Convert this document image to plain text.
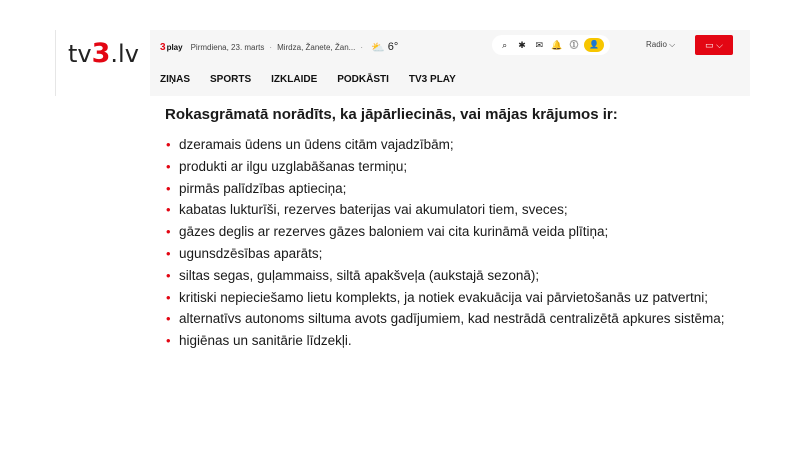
tv 3 .lv 3 play Pirmdiena, 23. marts · Mirdza, Žanete, Žan... · ⛅ 6°	⌕	✱	✉ 🔔 ⓵	👤	Radio ⌵	▭ ⌵
ZIŅAS SPORTS IZKLAIDE PODKĀSTI TV3 PLAY
Rokasgrāmatā norādīts, ka jāpārliecinās, vai mājas krājumos ir:
• dzeramais ūdens un ūdens citām vajadzībām;
• produkti ar ilgu uzglabāšanas termiņu;
• pirmās palīdzības aptieciņa;
• kabatas lukturīši, rezerves baterijas vai akumulatori tiem, sveces;
• gāzes deglis ar rezerves gāzes baloniem vai cita kurināmā veida plītiņa;
• ugunsdzēsības aparāts;
• siltas segas, guļammaiss, siltā apakšveļa (aukstajā sezonā);
• kritiski nepieciešamo lietu komplekts, ja notiek evakuācija vai pārvietošanās uz patvertni;
• alternatīvs autonoms siltuma avots gadījumiem, kad nestrādā centralizētā apkures sistēma;
• higiēnas un sanitārie līdzekļi.
